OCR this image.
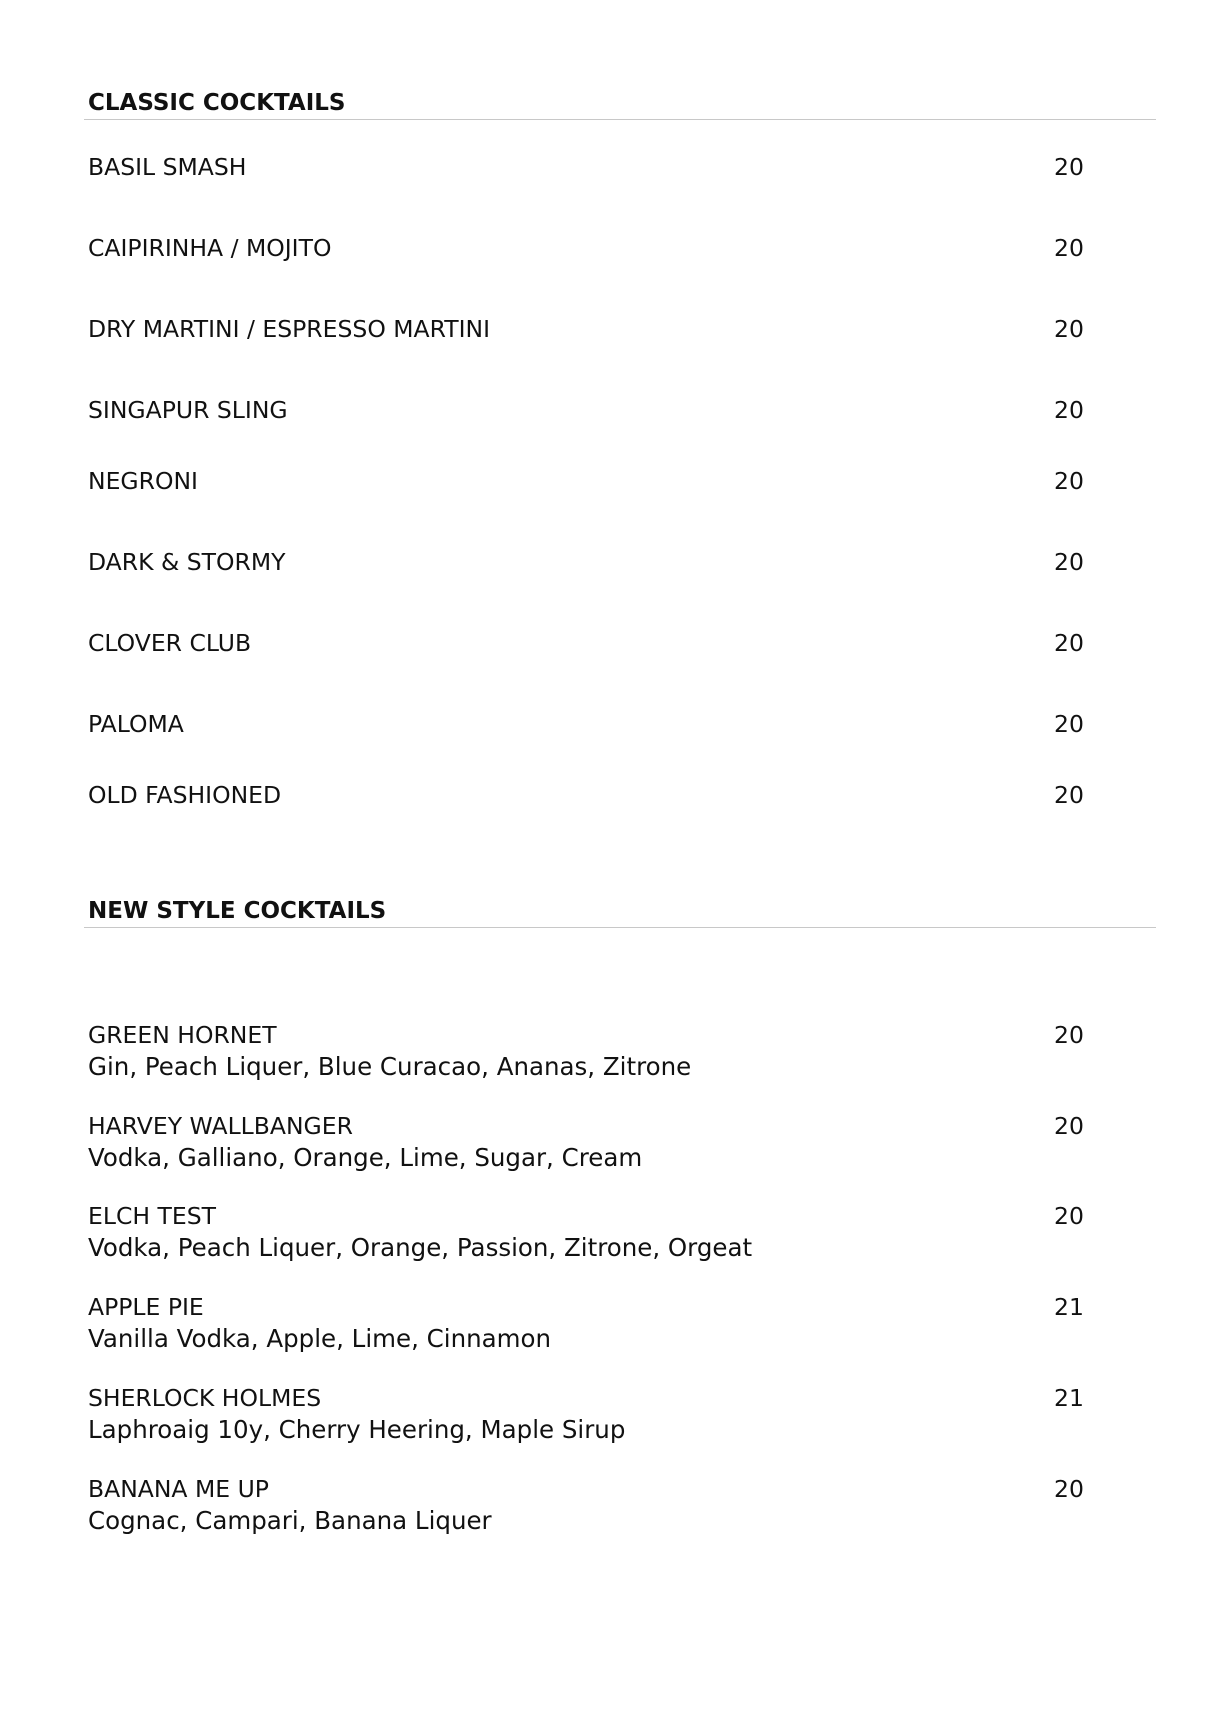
CLASSIC COCKTAILS
BASIL SMASH	20
CAIPIRINHA / MOJITO	20
DRY MARTINI / ESPRESSO MARTINI	20
SINGAPUR SLING	20
NEGRONI	20
DARK & STORMY	20
CLOVER CLUB	20
PALOMA	20
OLD FASHIONED	20
NEW STYLE COCKTAILS
GREEN HORNET	20
Gin, Peach Liquer, Blue Curacao, Ananas, Zitrone
HARVEY WALLBANGER	20
Vodka, Galliano, Orange, Lime, Sugar, Cream
ELCH TEST	20
Vodka, Peach Liquer, Orange, Passion, Zitrone, Orgeat
APPLE PIE	21
Vanilla Vodka, Apple, Lime, Cinnamon
SHERLOCK HOLMES	21
Laphroaig 10y, Cherry Heering, Maple Sirup
BANANA ME UP	20
Cognac, Campari, Banana Liquer
